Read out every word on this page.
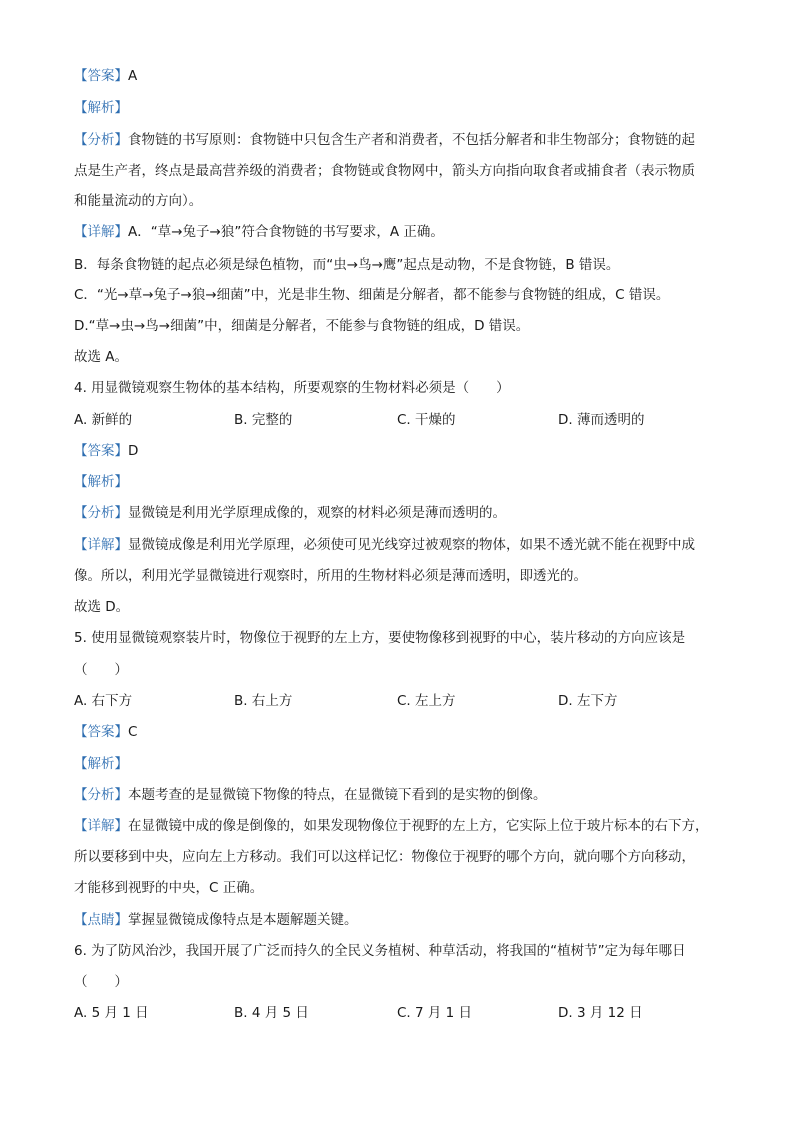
【答案】A
【解析】
【分析】食物链的书写原则：食物链中只包含生产者和消费者，不包括分解者和非生物部分；食物链的起
点是生产者，终点是最高营养级的消费者；食物链或食物网中，箭头方向指向取食者或捕食者（表示物质
和能量流动的方向）。
【详解】A．“草→兔子→狼”符合食物链的书写要求，A 正确。
B．每条食物链的起点必须是绿色植物，而“虫→鸟→鹰”起点是动物，不是食物链，B 错误。
C．“光→草→兔子→狼→细菌”中，光是非生物、细菌是分解者，都不能参与食物链的组成，C 错误。
D.“草→虫→鸟→细菌”中，细菌是分解者，不能参与食物链的组成，D 错误。
故选 A。
4. 用显微镜观察生物体的基本结构，所要观察的生物材料必须是（　　）
A. 新鲜的	B. 完整的	C. 干燥的	D. 薄而透明的
【答案】D
【解析】
【分析】显微镜是利用光学原理成像的，观察的材料必须是薄而透明的。
【详解】显微镜成像是利用光学原理，必须使可见光线穿过被观察的物体，如果不透光就不能在视野中成
像。所以，利用光学显微镜进行观察时，所用的生物材料必须是薄而透明，即透光的。
故选 D。
5. 使用显微镜观察装片时，物像位于视野的左上方，要使物像移到视野的中心，装片移动的方向应该是
（　　）
A. 右下方	B. 右上方	C. 左上方	D. 左下方
【答案】C
【解析】
【分析】本题考查的是显微镜下物像的特点，在显微镜下看到的是实物的倒像。
【详解】在显微镜中成的像是倒像的，如果发现物像位于视野的左上方，它实际上位于玻片标本的右下方，
所以要移到中央，应向左上方移动。我们可以这样记忆：物像位于视野的哪个方向，就向哪个方向移动，
才能移到视野的中央，C 正确。
【点睛】掌握显微镜成像特点是本题解题关键。
6. 为了防风治沙，我国开展了广泛而持久的全民义务植树、种草活动，将我国的“植树节”定为每年哪日
（　　）
A. 5 月 1 日	B. 4 月 5 日	C. 7 月 1 日	D. 3 月 12 日
